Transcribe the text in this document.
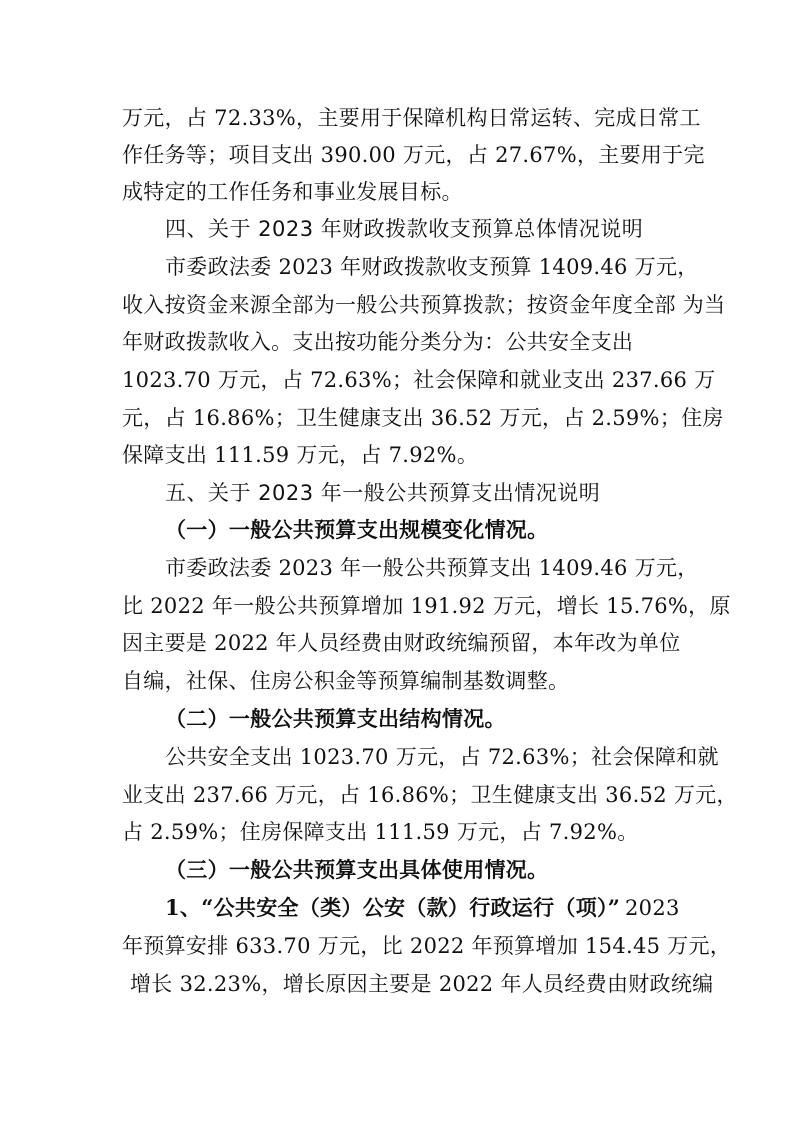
万元，占 72.33%，主要用于保障机构日常运转、完成日常工
作任务等；项目支出 390.00 万元，占 27.67%，主要用于完
成特定的工作任务和事业发展目标。
四、关于 2023 年财政拨款收支预算总体情况说明
市委政法委 2023 年财政拨款收支预算 1409.46 万元，
收入按资金来源全部为一般公共预算拨款；按资金年度全部 为当
年财政拨款收入。支出按功能分类分为：公共安全支出
1023.70 万元，占 72.63%；社会保障和就业支出 237.66 万
元，占 16.86%；卫生健康支出 36.52 万元，占 2.59%；住房
保障支出 111.59 万元，占 7.92%。
五、关于 2023 年一般公共预算支出情况说明
（一）一般公共预算支出规模变化情况。
市委政法委 2023 年一般公共预算支出 1409.46 万元，
比 2022 年一般公共预算增加 191.92 万元，增长 15.76%，原
因主要是 2022 年人员经费由财政统编预留，本年改为单位
自编，社保、住房公积金等预算编制基数调整。
（二）一般公共预算支出结构情况。
公共安全支出 1023.70 万元，占 72.63%；社会保障和就
业支出 237.66 万元，占 16.86%；卫生健康支出 36.52 万元，
占 2.59%；住房保障支出 111.59 万元，占 7.92%。
（三）一般公共预算支出具体使用情况。
1、“公共安全（类）公安（款）行政运行（项）” 2023
年预算安排 633.70 万元，比 2022 年预算增加 154.45 万元，
增长 32.23%，增长原因主要是 2022 年人员经费由财政统编
